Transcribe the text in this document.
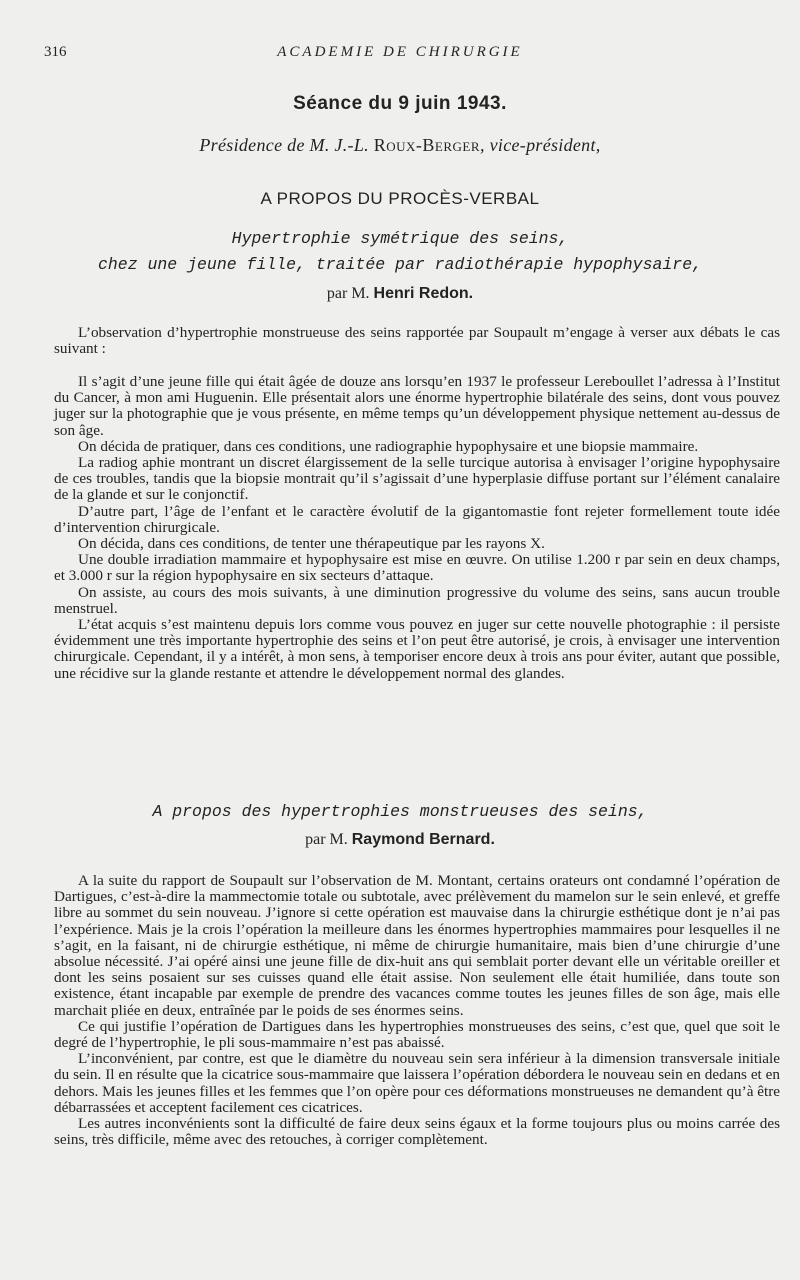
316	ACADEMIE DE CHIRURGIE
Séance du 9 juin 1943.
Présidence de M. J.-L. Roux-Berger, vice-président,
A PROPOS DU PROCÈS-VERBAL
Hypertrophie symétrique des seins,
chez une jeune fille, traitée par radiothérapie hypophysaire,
par M. Henri Redon.

L’observation d’hypertrophie monstrueuse des seins rapportée par Soupault m’engage à verser aux débats le cas suivant :

Il s’agit d’une jeune fille qui était âgée de douze ans lorsqu’en 1937 le professeur Lereboullet l’adressa à l’Institut du Cancer, à mon ami Huguenin. Elle présentait alors une énorme hypertrophie bilatérale des seins, dont vous pouvez juger sur la photographie que je vous présente, en même temps qu’un développement physique nettement au-dessus de son âge.

On décida de pratiquer, dans ces conditions, une radiographie hypophysaire et une biopsie mammaire.

La radiog aphie montrant un discret élargissement de la selle turcique autorisa à envisager l’origine hypophysaire de ces troubles, tandis que la biopsie montrait qu’il s’agissait d’une hyperplasie diffuse portant sur l’élément canalaire de la glande et sur le conjonctif.

D’autre part, l’âge de l’enfant et le caractère évolutif de la gigantomastie font rejeter formellement toute idée d’intervention chirurgicale.

On décida, dans ces conditions, de tenter une thérapeutique par les rayons X.

Une double irradiation mammaire et hypophysaire est mise en œuvre. On utilise 1.200 r par sein en deux champs, et 3.000 r sur la région hypophysaire en six secteurs d’attaque.

On assiste, au cours des mois suivants, à une diminution progressive du volume des seins, sans aucun trouble menstruel.

L’état acquis s’est maintenu depuis lors comme vous pouvez en juger sur cette nouvelle photographie : il persiste évidemment une très importante hypertrophie des seins et l’on peut être autorisé, je crois, à envisager une intervention chirurgicale. Cependant, il y a intérêt, à mon sens, à temporiser encore deux à trois ans pour éviter, autant que possible, une récidive sur la glande restante et attendre le développement normal des glandes.

A propos des hypertrophies monstrueuses des seins,
par M. Raymond Bernard.

A la suite du rapport de Soupault sur l’observation de M. Montant, certains orateurs ont condamné l’opération de Dartigues, c’est-à-dire la mammectomie totale ou subtotale, avec prélèvement du mamelon sur le sein enlevé, et greffe libre au sommet du sein nouveau. J’ignore si cette opération est mauvaise dans la chirurgie esthétique dont je n’ai pas l’expérience. Mais je la crois l’opération la meilleure dans les énormes hypertrophies mammaires pour lesquelles il ne s’agit, en la faisant, ni de chirurgie esthétique, ni même de chirurgie humanitaire, mais bien d’une chirurgie d’une absolue nécessité. J’ai opéré ainsi une jeune fille de dix-huit ans qui semblait porter devant elle un véritable oreiller et dont les seins posaient sur ses cuisses quand elle était assise. Non seulement elle était humiliée, dans toute son existence, étant incapable par exemple de prendre des vacances comme toutes les jeunes filles de son âge, mais elle marchait pliée en deux, entraînée par le poids de ses énormes seins.

Ce qui justifie l’opération de Dartigues dans les hypertrophies monstrueuses des seins, c’est que, quel que soit le degré de l’hypertrophie, le pli sous-mammaire n’est pas abaissé.

L’inconvénient, par contre, est que le diamètre du nouveau sein sera inférieur à la dimension transversale initiale du sein. Il en résulte que la cicatrice sous-mammaire que laissera l’opération débordera le nouveau sein en dedans et en dehors. Mais les jeunes filles et les femmes que l’on opère pour ces déformations monstrueuses ne demandent qu’à être débarrassées et acceptent facilement ces cicatrices.

Les autres inconvénients sont la difficulté de faire deux seins égaux et la forme toujours plus ou moins carrée des seins, très difficile, même avec des retouches, à corriger complètement.
